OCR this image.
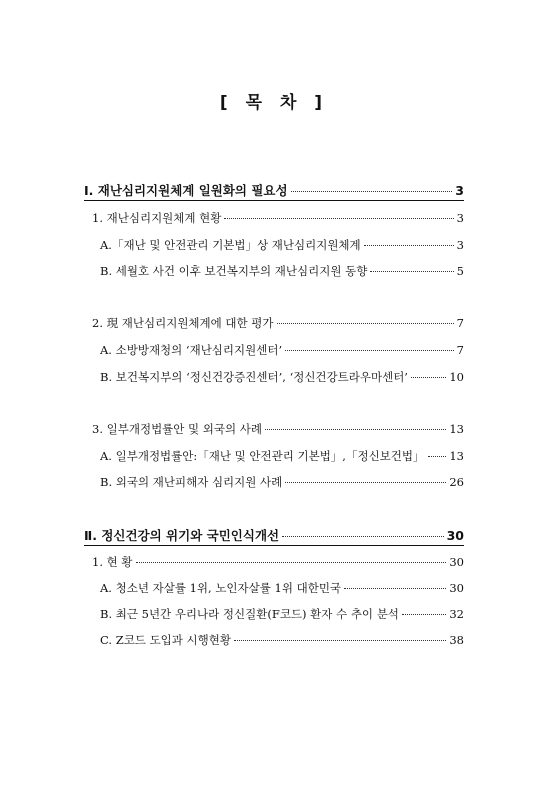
[ 목 차 ]
Ⅰ. 재난심리지원체계 일원화의 필요성	3
1. 재난심리지원체계 현황	3
A.「재난 및 안전관리 기본법」상 재난심리지원체계	3
B. 세월호 사건 이후 보건복지부의 재난심리지원 동향	5
2. 現 재난심리지원체계에 대한 평가	7
A. 소방방재청의 ‘재난심리지원센터’	7
B. 보건복지부의 ‘정신건강증진센터’, ‘정신건강트라우마센터’	10
3. 일부개정법률안 및 외국의 사례	13
A. 일부개정법률안:「재난 및 안전관리 기본법」,「정신보건법」 13
B. 외국의 재난피해자 심리지원 사례	26
Ⅱ. 정신건강의 위기와 국민인식개선	30
1. 현 황	30
A. 청소년 자살률 1위, 노인자살률 1위 대한민국	30
B. 최근 5년간 우리나라 정신질환(F코드) 환자 수 추이 분석	32
C. Z코드 도입과 시행현황	38
